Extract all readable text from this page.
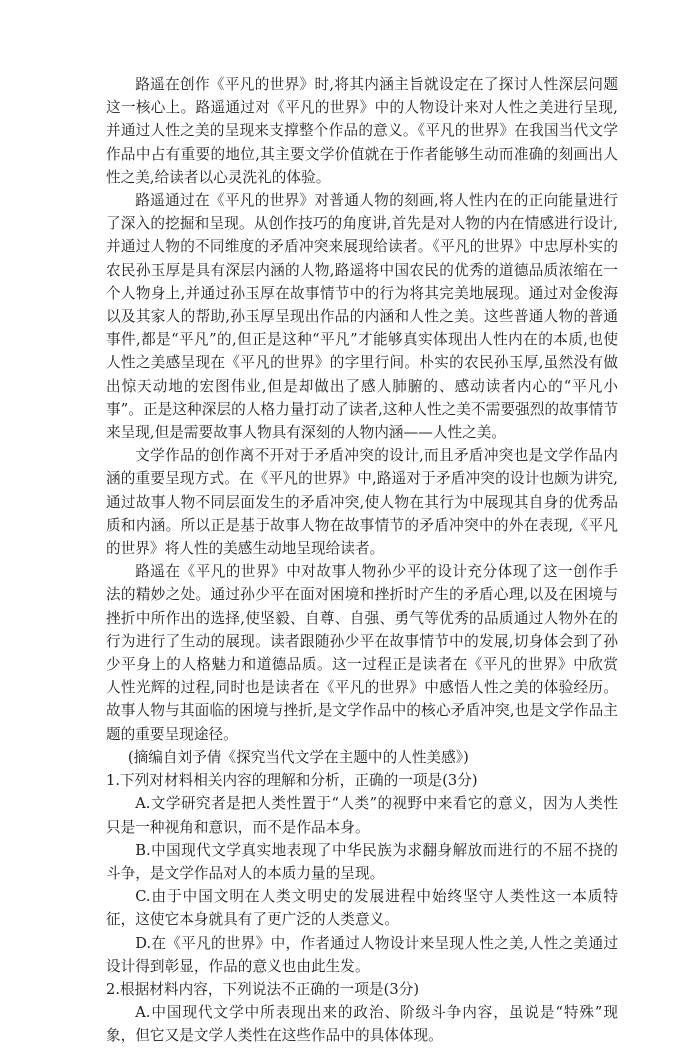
路遥在创作《平凡的世界》时,将其内涵主旨就设定在了探讨人性深层问题这一核心上。路遥通过对《平凡的世界》中的人物设计来对人性之美进行呈现,并通过人性之美的呈现来支撑整个作品的意义。《平凡的世界》在我国当代文学作品中占有重要的地位,其主要文学价值就在于作者能够生动而准确的刻画出人性之美,给读者以心灵洗礼的体验。

路遥通过在《平凡的世界》对普通人物的刻画,将人性内在的正向能量进行了深入的挖掘和呈现。从创作技巧的角度讲,首先是对人物的内在情感进行设计,并通过人物的不同维度的矛盾冲突来展现给读者。《平凡的世界》中忠厚朴实的农民孙玉厚是具有深层内涵的人物,路遥将中国农民的优秀的道德品质浓缩在一个人物身上,并通过孙玉厚在故事情节中的行为将其完美地展现。通过对金俊海以及其家人的帮助,孙玉厚呈现出作品的内涵和人性之美。这些普通人物的普通事件,都是“平凡”的,但正是这种“平凡”才能够真实体现出人性内在的本质,也使人性之美感呈现在《平凡的世界》的字里行间。朴实的农民孙玉厚,虽然没有做出惊天动地的宏图伟业,但是却做出了感人肺腑的、感动读者内心的“平凡小事”。正是这种深层的人格力量打动了读者,这种人性之美不需要强烈的故事情节来呈现,但是需要故事人物具有深刻的人物内涵——人性之美。

文学作品的创作离不开对于矛盾冲突的设计,而且矛盾冲突也是文学作品内涵的重要呈现方式。在《平凡的世界》中,路遥对于矛盾冲突的设计也颇为讲究,通过故事人物不同层面发生的矛盾冲突,使人物在其行为中展现其自身的优秀品质和内涵。所以正是基于故事人物在故事情节的矛盾冲突中的外在表现,《平凡的世界》将人性的美感生动地呈现给读者。

路遥在《平凡的世界》中对故事人物孙少平的设计充分体现了这一创作手法的精妙之处。通过孙少平在面对困境和挫折时产生的矛盾心理,以及在困境与挫折中所作出的选择,使坚毅、自尊、自强、勇气等优秀的品质通过人物外在的行为进行了生动的展现。读者跟随孙少平在故事情节中的发展,切身体会到了孙少平身上的人格魅力和道德品质。这一过程正是读者在《平凡的世界》中欣赏人性光辉的过程,同时也是读者在《平凡的世界》中感悟人性之美的体验经历。故事人物与其面临的困境与挫折,是文学作品中的核心矛盾冲突,也是文学作品主题的重要呈现途径。

(摘编自刘予倩《探究当代文学在主题中的人性美感》)

1.下列对材料相关内容的理解和分析，正确的一项是(3分)

A.文学研究者是把人类性置于“人类”的视野中来看它的意义，因为人类性只是一种视角和意识，而不是作品本身。

B.中国现代文学真实地表现了中华民族为求翻身解放而进行的不屈不挠的斗争，是文学作品对人的本质力量的呈现。

C.由于中国文明在人类文明史的发展进程中始终坚守人类性这一本质特征，这使它本身就具有了更广泛的人类意义。

D.在《平凡的世界》中，作者通过人物设计来呈现人性之美,人性之美通过设计得到彰显，作品的意义也由此生发。

2.根据材料内容，下列说法不正确的一项是(3分)

A.中国现代文学中所表现出来的政治、阶级斗争内容，虽说是“特殊”现象，但它又是文学人类性在这些作品中的具体体现。
